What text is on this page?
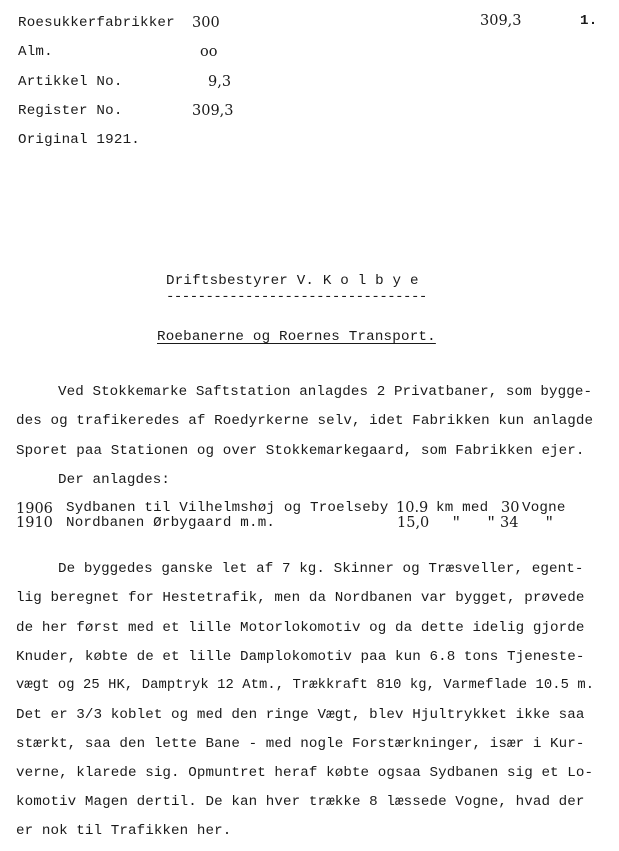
Roesukkerfabrikker 300
Alm.	oo
Artikkel No.	9,3
Register No.	309,3
Original 1921.
309,3	1.
Driftsbestyrer V. K o l b y e
---------------------------------
Roebanerne og Roernes Transport.
Ved Stokkemarke Saftstation anlagdes 2 Privatbaner, som bygge-
des og trafikeredes af Roedyrkerne selv, idet Fabrikken kun anlagde
Sporet paa Stationen og over Stokkemarkegaard, som Fabrikken ejer.
Der anlagdes:
1906 Sydbanen til Vilhelmshøj og Troelseby 10.9 km med 30 Vogne
1910 Nordbanen Ørbygaard m.m.	15,0 "   " 34 "
De byggedes ganske let af 7 kg. Skinner og Træsveller, egent-
lig beregnet for Hestetrafik, men da Nordbanen var bygget, prøvede
de her først med et lille Motorlokomotiv og da dette idelig gjorde
Knuder, købte de et lille Damplokomotiv paa kun 6.8 tons Tjeneste-
vægt og 25 HK, Damptryk 12 Atm., Trækkraft 810 kg, Varmeflade 10.5 m.
Det er 3/3 koblet og med den ringe Vægt, blev Hjultrykket ikke saa
stærkt, saa den lette Bane - med nogle Forstærkninger, især i Kur-
verne, klarede sig. Opmuntret heraf købte ogsaa Sydbanen sig et Lo-
komotiv Magen dertil. De kan hver trække 8 læssede Vogne, hvad der
er nok til Trafikken her.
